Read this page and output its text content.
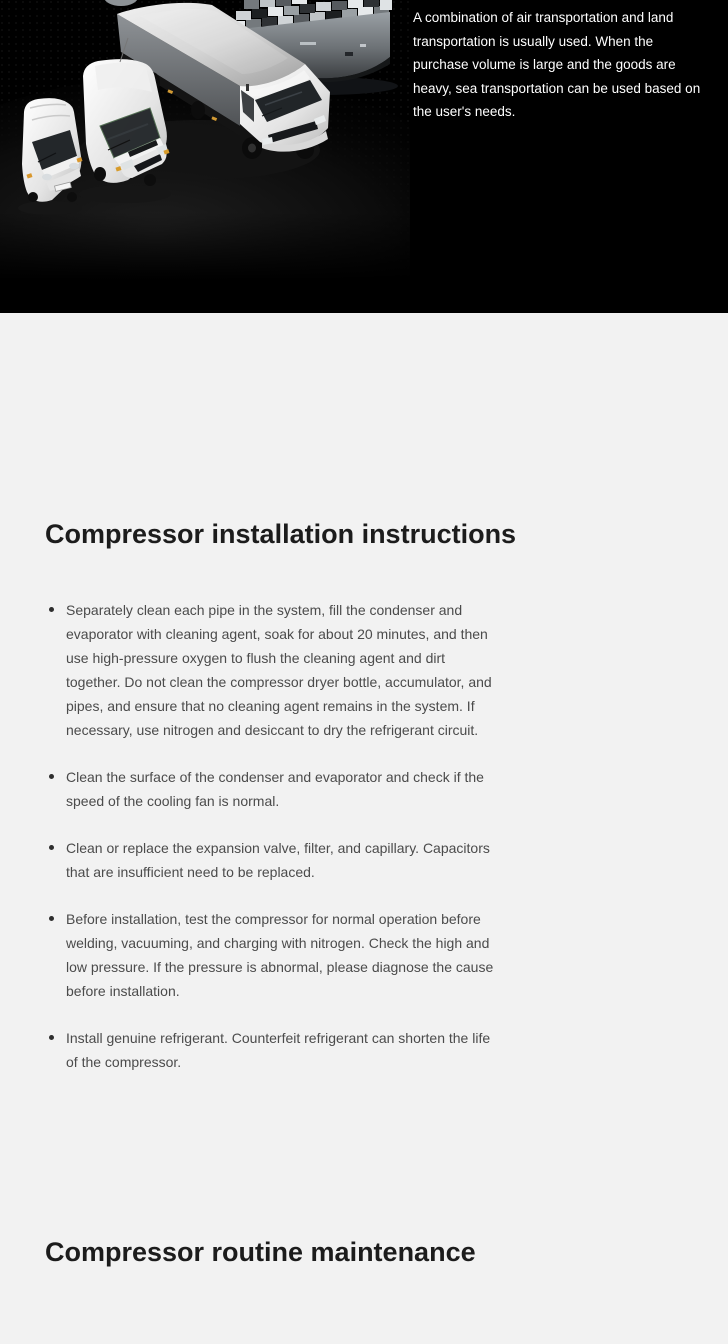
A combination of air transportation and land transportation is usually used. When the purchase volume is large and the goods are heavy, sea transportation can be used based on the user's needs.

Compressor installation instructions
Separately clean each pipe in the system, fill the condenser and evaporator with cleaning agent, soak for about 20 minutes, and then use high-pressure oxygen to flush the cleaning agent and dirt together. Do not clean the compressor dryer bottle, accumulator, and pipes, and ensure that no cleaning agent remains in the system. If necessary, use nitrogen and desiccant to dry the refrigerant circuit.
Clean the surface of the condenser and evaporator and check if the speed of the cooling fan is normal.
Clean or replace the expansion valve, filter, and capillary. Capacitors that are insufficient need to be replaced.
Before installation, test the compressor for normal operation before welding, vacuuming, and charging with nitrogen. Check the high and low pressure. If the pressure is abnormal, please diagnose the cause before installation.
Install genuine refrigerant. Counterfeit refrigerant can shorten the life of the compressor.
Compressor routine maintenance
